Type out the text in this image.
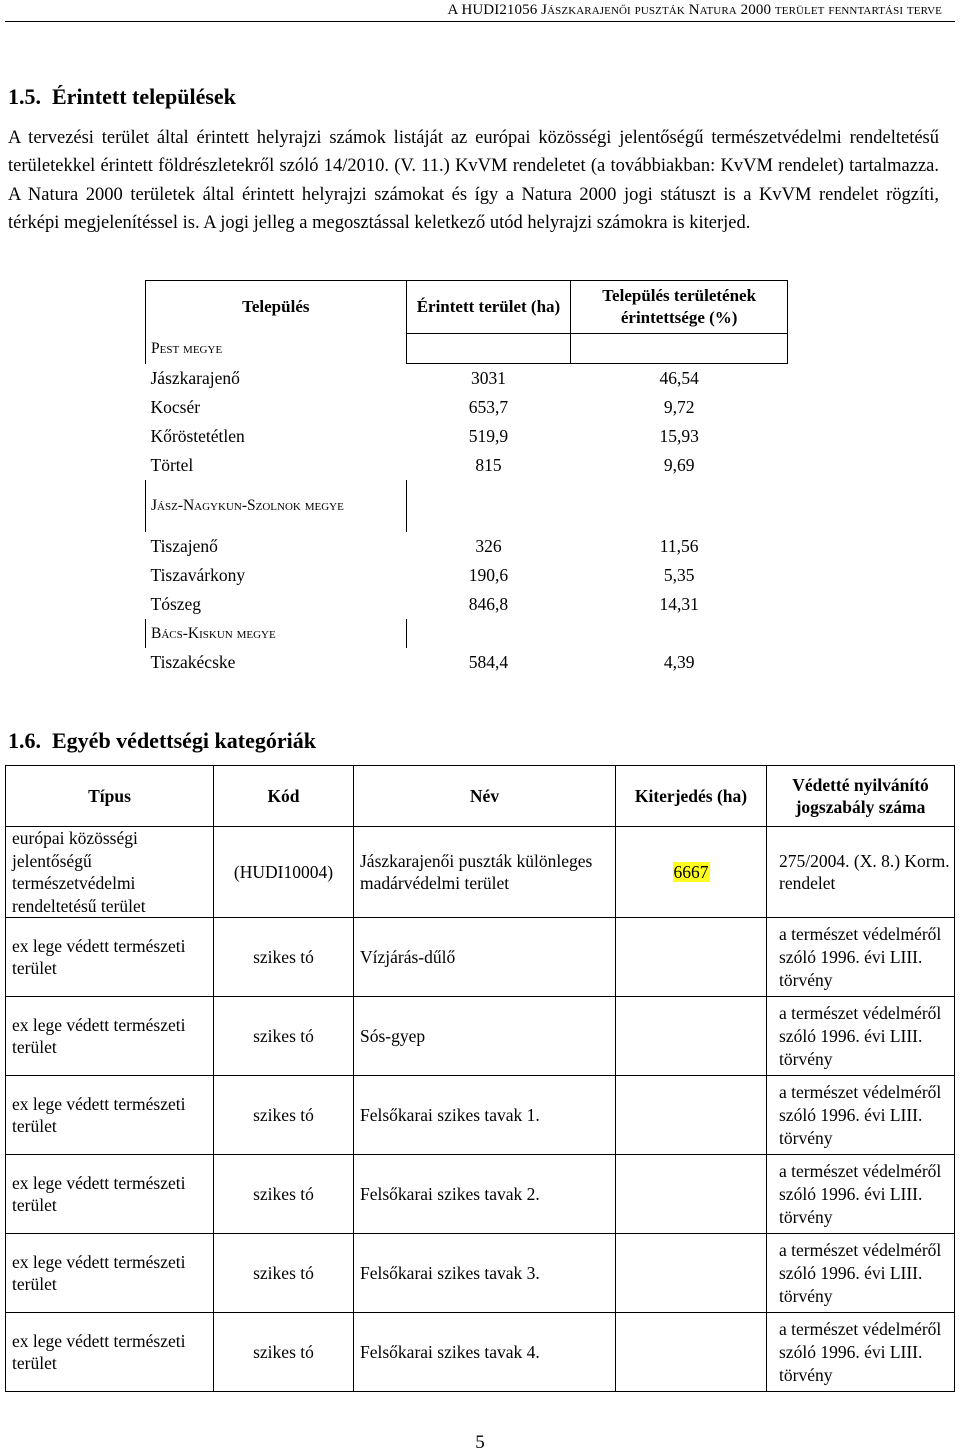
A HUDI21056 Jászkarajenői puszták Natura 2000 terület fenntartási terve
1.5. Érintett települések

A tervezési terület által érintett helyrajzi számok listáját az európai közösségi jelentőségű természetvédelmi rendeltetésű területekkel érintett földrészletekről szóló 14/2010. (V. 11.) KvVM rendeletet (a továbbiakban: KvVM rendelet) tartalmazza. A Natura 2000 területek által érintett helyrajzi számokat és így a Natura 2000 jogi státuszt is a KvVM rendelet rögzíti, térképi megjelenítéssel is. A jogi jelleg a megosztással keletkező utód helyrajzi számokra is kiterjed.

Település	Érintett terület (ha)	Település területének érintettsége (%)
Pest megye		
Jászkarajenő	3031	46,54
Kocsér	653,7	9,72
Kőröstetétlen	519,9	15,93
Törtel	815	9,69
Jász-Nagykun-Szolnok megye		
Tiszajenő	326	11,56
Tiszavárkony	190,6	5,35
Tószeg	846,8	14,31
Bács-Kiskun megye		
Tiszakécske	584,4	4,39
1.6. Egyéb védettségi kategóriák
Típus	Kód	Név	Kiterjedés (ha)	Védetté nyilvánító jogszabály száma
európai közösségi jelentőségű természetvédelmi rendeltetésű terület	(HUDI10004)	Jászkarajenői puszták különleges madárvédelmi terület	6667	275/2004. (X. 8.) Korm. rendelet
ex lege védett természeti terület	szikes tó	Vízjárás-dűlő		a természet védelméről szóló 1996. évi LIII. törvény
ex lege védett természeti terület	szikes tó	Sós-gyep		a természet védelméről szóló 1996. évi LIII. törvény
ex lege védett természeti terület	szikes tó	Felsőkarai szikes tavak 1.		a természet védelméről szóló 1996. évi LIII. törvény
ex lege védett természeti terület	szikes tó	Felsőkarai szikes tavak 2.		a természet védelméről szóló 1996. évi LIII. törvény
ex lege védett természeti terület	szikes tó	Felsőkarai szikes tavak 3.		a természet védelméről szóló 1996. évi LIII. törvény
ex lege védett természeti terület	szikes tó	Felsőkarai szikes tavak 4.		a természet védelméről szóló 1996. évi LIII. törvény
5
